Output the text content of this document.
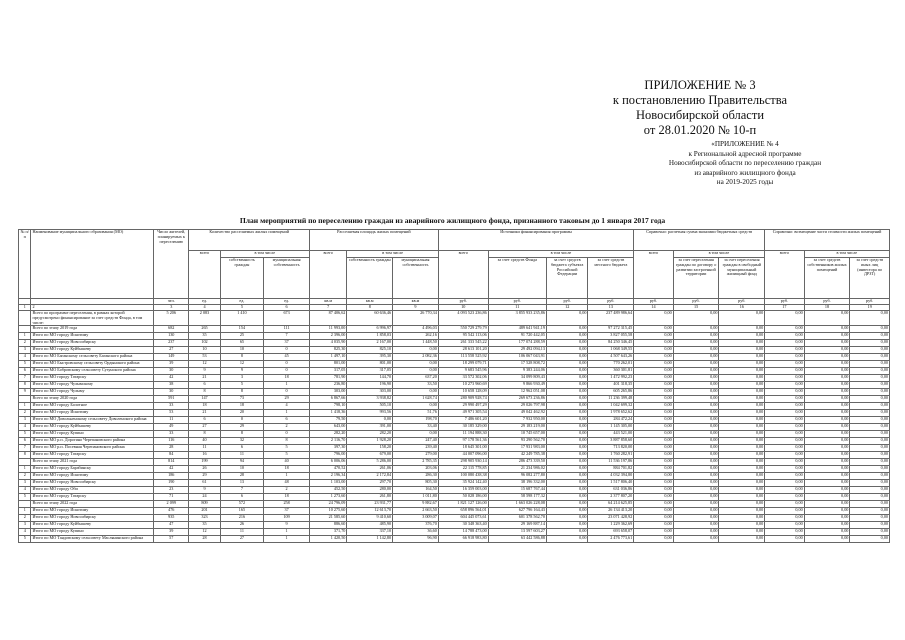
ПРИЛОЖЕНИЕ № 3
к постановлению Правительства
Новосибирской области
от 28.01.2020 № 10-п
«ПРИЛОЖЕНИЕ № 4
к Региональной адресной программе
Новосибирской области по переселению граждан
из аварийного жилищного фонда
на 2019-2025 годы
План мероприятий по переселению граждан из аварийного жилищного фонда, признанного таковым до 1 января 2017 года
№ п/п	Наименование муниципального образования (МО)	Число жителей, планируемых к переселению	Количество расселяемых жилых помещений			Расселяемая площадь жилых помещений			Источники финансирования программы				Справочно: расчетная сумма экономии бюджетных средств			Справочно: возмещение части стоимости жилых помещений		
			всего	в том числе		всего	в том числе		всего	в том числе			всего	в том числе		всего	в том числе	
				собственность граждан	муниципальная собственность		собственность граждан	муниципальная собственность		за счет средств Фонда	за счет средств бюджета субъекта Российской Федерации	за счет средств местного бюджета		за счет переселения граждан по договору о развитии застроенной территории	за счет переселения граждан в свободный муниципальный жилищный фонд		за счет средств собственников жилых помещений	за счет средств иных лиц (инвестора по ДРЗТ)
		чел.	ед.	ед.	ед.	кв.м	кв.м	кв.м	руб.	руб.	руб.	руб.	руб.	руб.	руб.	руб.	руб.	руб.
1	2	3	4	5	6	7	8	9	10	11	12	13	14	15	16	17	18	19
	Всего по программе переселения, в рамках которой предусмотрено финансирование за счет средств Фонда, в том числе:	5 206	2 083	1 410	673	87 406,62	60 636,46	26 770,34	4 093 523 236,86	3 855 933 235,86	0,00	237 489 986,64	0,00	0,00	0,00	0,00	0,00	0,00
	Всего по этапу 2019 года	682	265	154	111	11 993,00	6 996,97	4 496,03	550 729 279,79	489 641 941,19	0,00	97 272 315,45	0,00	0,00	0,00	0,00	0,00	0,00
1	Итого по МО городу Искитиму	130	35	25	7	2 396,00	1 858,03	262,16	95 542 113,06	91 720 442,05	0,00	3 827 055,58	0,00	0,00	0,00	0,00	0,00	0,00
2	Итого по МО городу Новосибирску	237	102	65	37	4 035,90	2 167,00	1 448,50	261 333 545,22	177 074 288,59	0,00	84 250 346,45	0,00	0,00	0,00	0,00	0,00	0,00
3	Итого по МО городу Куйбышеву	27	10	10	0	825,30	825,10	0,00	28 613 101,20	29 492 094,13	0,00	1 068 349,55	0,00	0,00	0,00	0,00	0,00	0,00
4	Итого по МО Баганскому сельсовету Баганского района	149	53	8	45	1 497,10	395,30	2 082,36	113 558 525,92	106 067 043,91	0,00	4 507 643,26	0,00	0,00	0,00	0,00	0,00	0,00
5	Итого по МО Быстровскому сельсовету Ордынского района	39	12	12	0	801,00	801,00	0,00	18 299 079,71	17 528 808,72	0,00	770 262,01	0,00	0,00	0,00	0,00	0,00	0,00
6	Итого по МО Бобровскому сельсовету Сузунского района	30	9	9	0	317,05	317,05	0,00	9 683 545,96	9 383 244,06	0,00	360 301,81	0,00	0,00	0,00	0,00	0,00	0,00
7	Итого по МО городу Татарску	42	21	3	18	781,90	144,70	637,20	33 572 302,06	34 099 809,43	0,00	1 472 992,23	0,00	0,00	0,00	0,00	0,00	0,00
8	Итого по МО городу Чулымскому	38	6	5	1	236,80	196,90	33,50	10 273 960,69	9 866 930,49	0,00	401 318,35	0,00	0,00	0,00	0,00	0,00	0,00
9	Итого по МО городу Чулыму	30	8	8	0	303,00	303,00	0,00	10 658 128,09	12 962 051,08	0,00	605 265,86	0,00	0,00	0,00	0,00	0,00	0,00
	Всего по этапу 2020 года	591	147	73	29	6 867,66	3 938,82	1 628,74	280 909 928,74	269 673 236,86	0,00	11 236 399,48	0,00	0,00	0,00	0,00	0,00	0,00
1	Итого по МО городу Болотное	33	18	18	4	798,10	505,10	0,00	29 990 497,29	29 026 797,98	0,00	1 042 699,32	0,00	0,00	0,00	0,00	0,00	0,00
2	Итого по МО городу Искитиму	53	21	20	1	1 418,36	993,56	51,76	49 971 305,54	49 042 462,92	0,00	1 978 652,62	0,00	0,00	0,00	0,00	0,00	0,00
3	Итого по МО Довольненскому сельсовету Доволенского района	11	6	0	6	79,50	0,00	198,70	7 486 601,20	7 932 950,00	0,00	284 472,24	0,00	0,00	0,00	0,00	0,00	0,00
4	Итого по МО городу Куйбышеву	49	27	29	2	643,00	391,00	33,40	30 185 329,00	29 183 219,00	0,00	1 145 305,00	0,00	0,00	0,00	0,00	0,00	0,00
5	Итого по МО городу Купино	33	8	8	0	282,20	282,20	0,00	11 194 888,30	10 745 657,00	0,00	443 521,00	0,00	0,00	0,00	0,00	0,00	0,00
6	Итого по МО р.п. Дорогино Черепановского района	116	40	32	8	2 116,70	1 928,20	247,40	97 178 561,36	93 290 562,70	0,00	3 887 858,60	0,00	0,00	0,00	0,00	0,00	0,00
7	Итого по МО р.п. Посевная Черепановского района	28	11	6	5	397,30	158,20	239,40	18 645 301,00	17 931 983,00	0,00	713 820,00	0,00	0,00	0,00	0,00	0,00	0,00
8	Итого по МО городу Татарску	84	16	11	5	796,00	679,00	279,00	44 007 096,00	42 249 785,38	0,00	1 760 282,91	0,00	0,00	0,00	0,00	0,00	0,00
	Всего по этапу 2021 года	814	199	94	40	6 006,06	5 286,00	2 785,35	298 905 930,14	286 473 339,50	0,00	11 536 197,86	0,00	0,00	0,00	0,00	0,00	0,00
1	Итого по МО городу Барабинску	42	26	10	18	470,52	261,06	203,06	22 115 778,85	21 234 986,02	0,00	884 701,82	0,00	0,00	0,00	0,00	0,00	0,00
2	Итого по МО городу Искитиму	186	29	28	1	2 196,34	2 172,84	286,30	100 080 438,38	96 082 277,80	0,00	4 032 394,80	0,00	0,00	0,00	0,00	0,00	0,00
3	Итого по МО городу Новосибирску	190	61	13	48	1 103,00	297,70	805,30	35 924 142,40	38 196 332,00	0,00	1 517 806,40	0,00	0,00	0,00	0,00	0,00	0,00
4	Итого по МО городу Оби	23	9	7	2	452,50	280,00	164,50	16 359 003,00	15 687 767,44	0,00	631 036,86	0,00	0,00	0,00	0,00	0,00	0,00
5	Итого по МО городу Татарску	71	24	6	18	1 273,60	261,80	1 011,80	50 028 186,00	58 598 177,32	0,00	2 377 807,20	0,00	0,00	0,00	0,00	0,00	0,00
	Всего по этапу 2022 года	2 099	809	572	258	24 796,09	23 931,77	9 882,67	1 821 127 126,00	1 663 026 228,08	0,00	64 214 625,85	0,00	0,00	0,00	0,00	0,00	0,00
1	Итого по МО городу Искитиму	476	201	165	37	10 275,60	12 613,70	2 663,50	658 896 564,01	627 796 164,43	0,00	26 134 413,20	0,00	0,00	0,00	0,00	0,00	0,00
2	Итого по МО городу Новосибирску	935	323	216	109	21 585,60	9 410,60	3 009,07	604 445 073,61	601 378 562,70	0,00	23 071 428,92	0,00	0,00	0,00	0,00	0,00	0,00
3	Итого по МО городу Куйбышеву	47	35	26	9	886,60	485,90	376,70	30 348 363,40	29 169 887,14	0,00	1 229 362,69	0,00	0,00	0,00	0,00	0,00	0,00
4	Итого по МО городу Купино	39	12	11	1	371,70	337,10	36,60	14 788 473,00	13 597 603,27	0,00	693 658,07	0,00	0,00	0,00	0,00	0,00	0,00
5	Итого по МО Тандовскому сельсовету Маслянинского района	57	28	27	1	1 420,50	1 142,80	96,90	66 918 983,80	63 442 586,88	0,00	2 476 773,61	0,00	0,00	0,00	0,00	0,00	0,00
